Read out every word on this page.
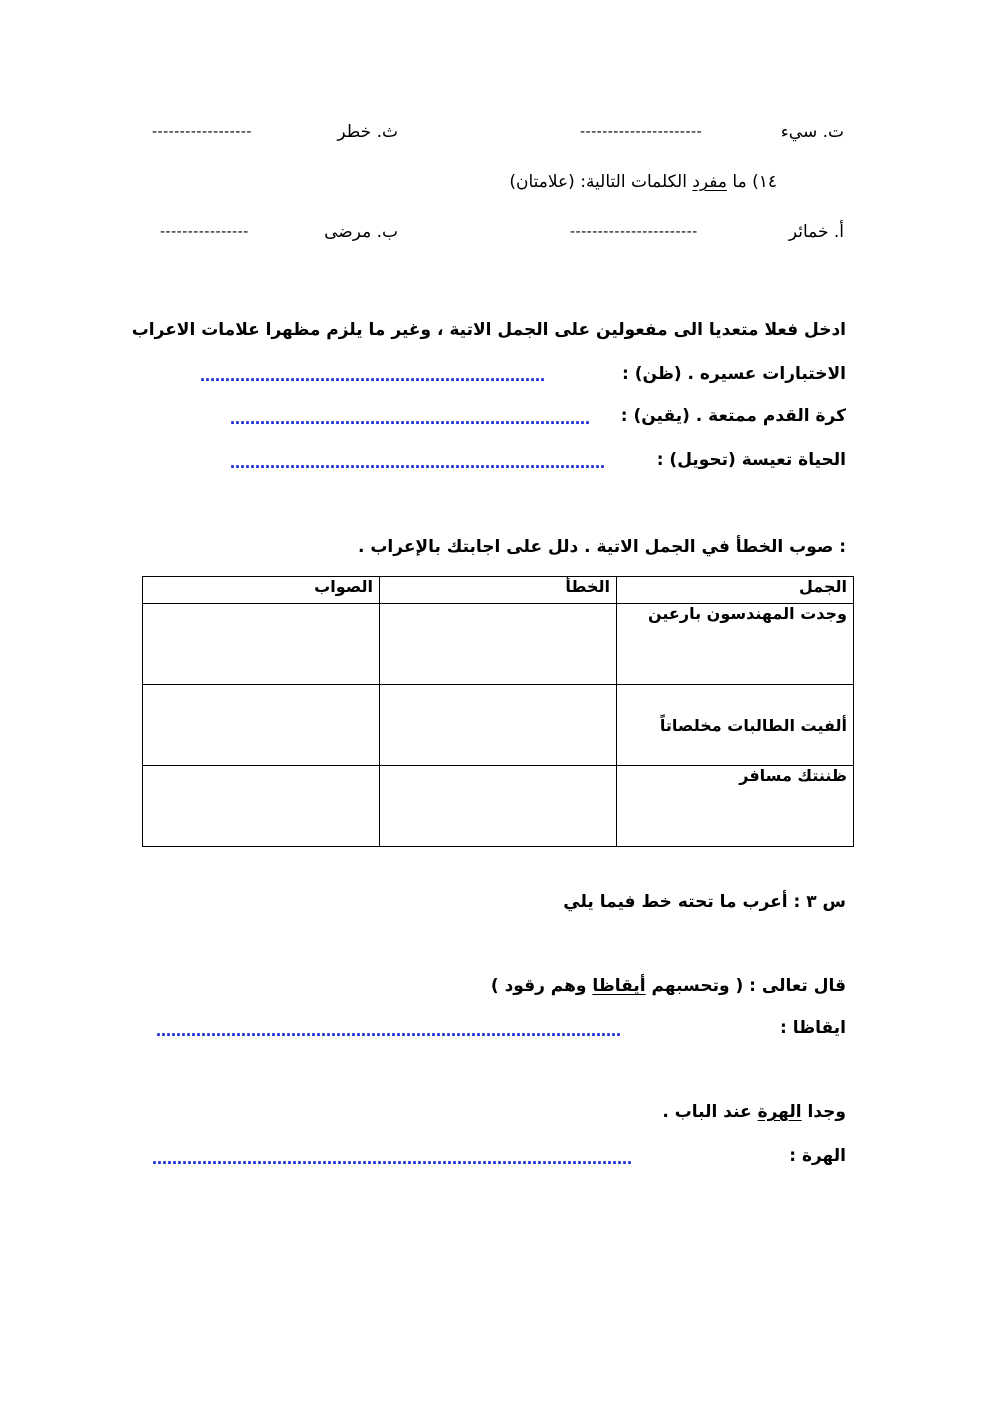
ت. سيء
----------------------
ث. خطر
------------------
١٤) ما مفرد الكلمات التالية: (علامتان)
أ. خمائر
-----------------------
ب. مرضى
----------------
ادخل فعلا متعديا الى مفعولين على الجمل الاتية ، وغير ما يلزم مظهرا علامات الاعراب
الاختبارات عسيره . (ظن) :
……………………………………………………………
كرة القدم ممتعة . (يقين) :
………………………………………………………………
الحياة تعيسة (تحويل) :
…………………………………………………………………
: صوب الخطأ في الجمل الاتية . دلل على اجابتك بالإعراب .
الجمل	الخطأ	الصواب
وجدت المهندسون بارعين		
ألفيت الطالبات مخلصاتاً		
ظننتك مسافر		
س ٣ : أعرب ما تحته خط فيما يلي
قال تعالى : ( وتحسبهم أيقاظا وهم رقود )
ايقاظا :
…………………………………………………………………………………
وجدا الهرة عند الباب .
الهرة :
……………………………………………………………………………………
